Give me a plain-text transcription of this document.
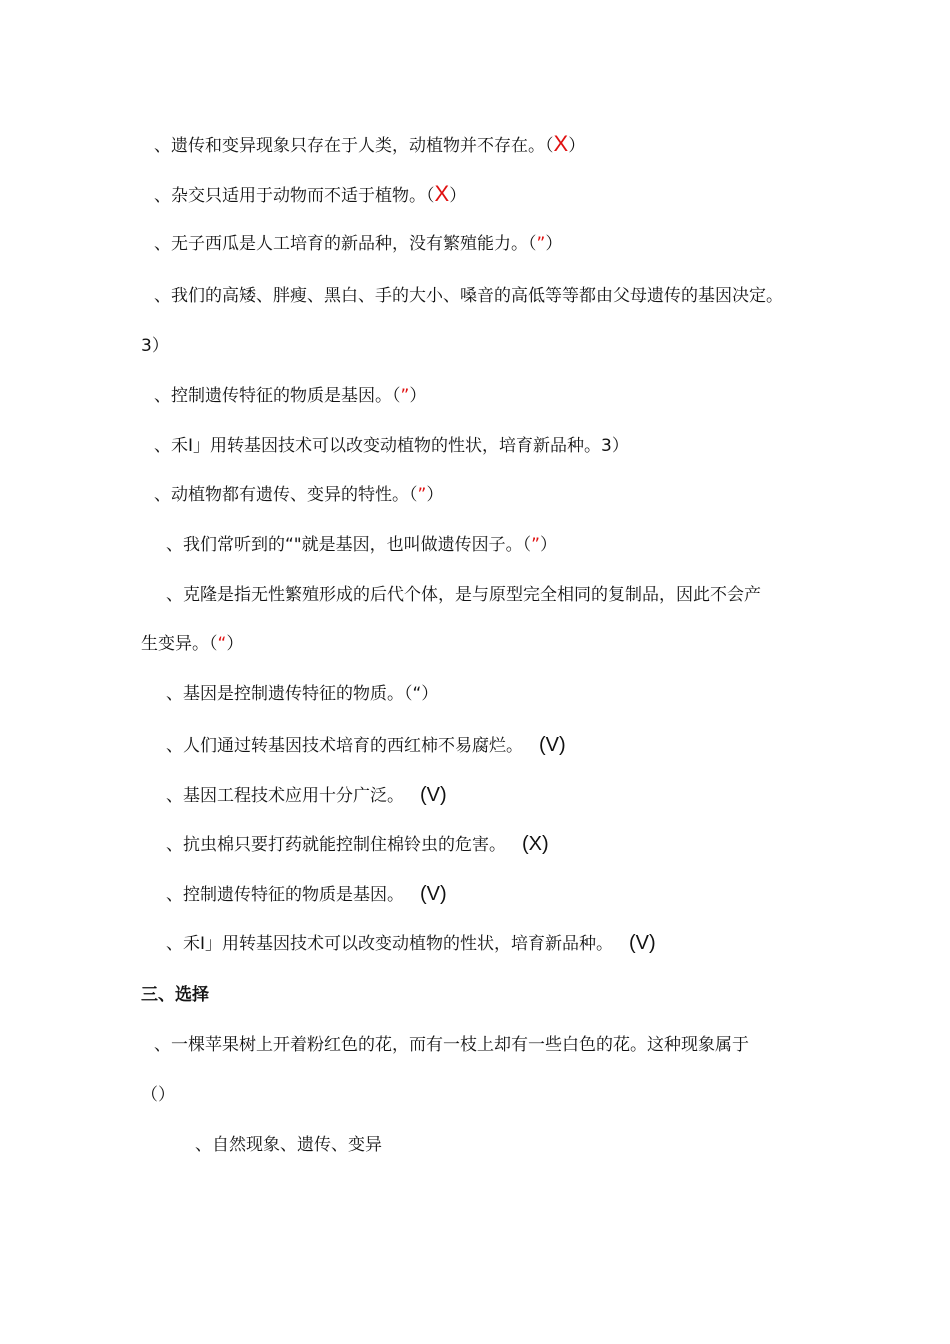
、遗传和变异现象只存在于人类，动植物并不存在。（X）
、杂交只适用于动物而不适于植物。（X）
、无子西瓜是人工培育的新品种，没有繁殖能力。（”）
、我们的高矮、胖瘦、黑白、手的大小、嗓音的高低等等都由父母遗传的基因决定。
3）
、控制遗传特征的物质是基因。（”）
、禾I」用转基因技术可以改变动植物的性状，培育新品种。3）
、动植物都有遗传、变异的特性。（”）
、我们常听到的“"就是基因，也叫做遗传因子。（”）
、克隆是指无性繁殖形成的后代个体，是与原型完全相同的复制品，因此不会产
生变异。（“）
、基因是控制遗传特征的物质。（“）
、人们通过转基因技术培育的西红柿不易腐烂。 (V)
、基因工程技术应用十分广泛。 (V)
、抗虫棉只要打药就能控制住棉铃虫的危害。 (X)
、控制遗传特征的物质是基因。 (V)
、禾I」用转基因技术可以改变动植物的性状，培育新品种。 (V)
三、选择
、一棵苹果树上开着粉红色的花，而有一枝上却有一些白色的花。这种现象属于
（）
、自然现象、遗传、变异
